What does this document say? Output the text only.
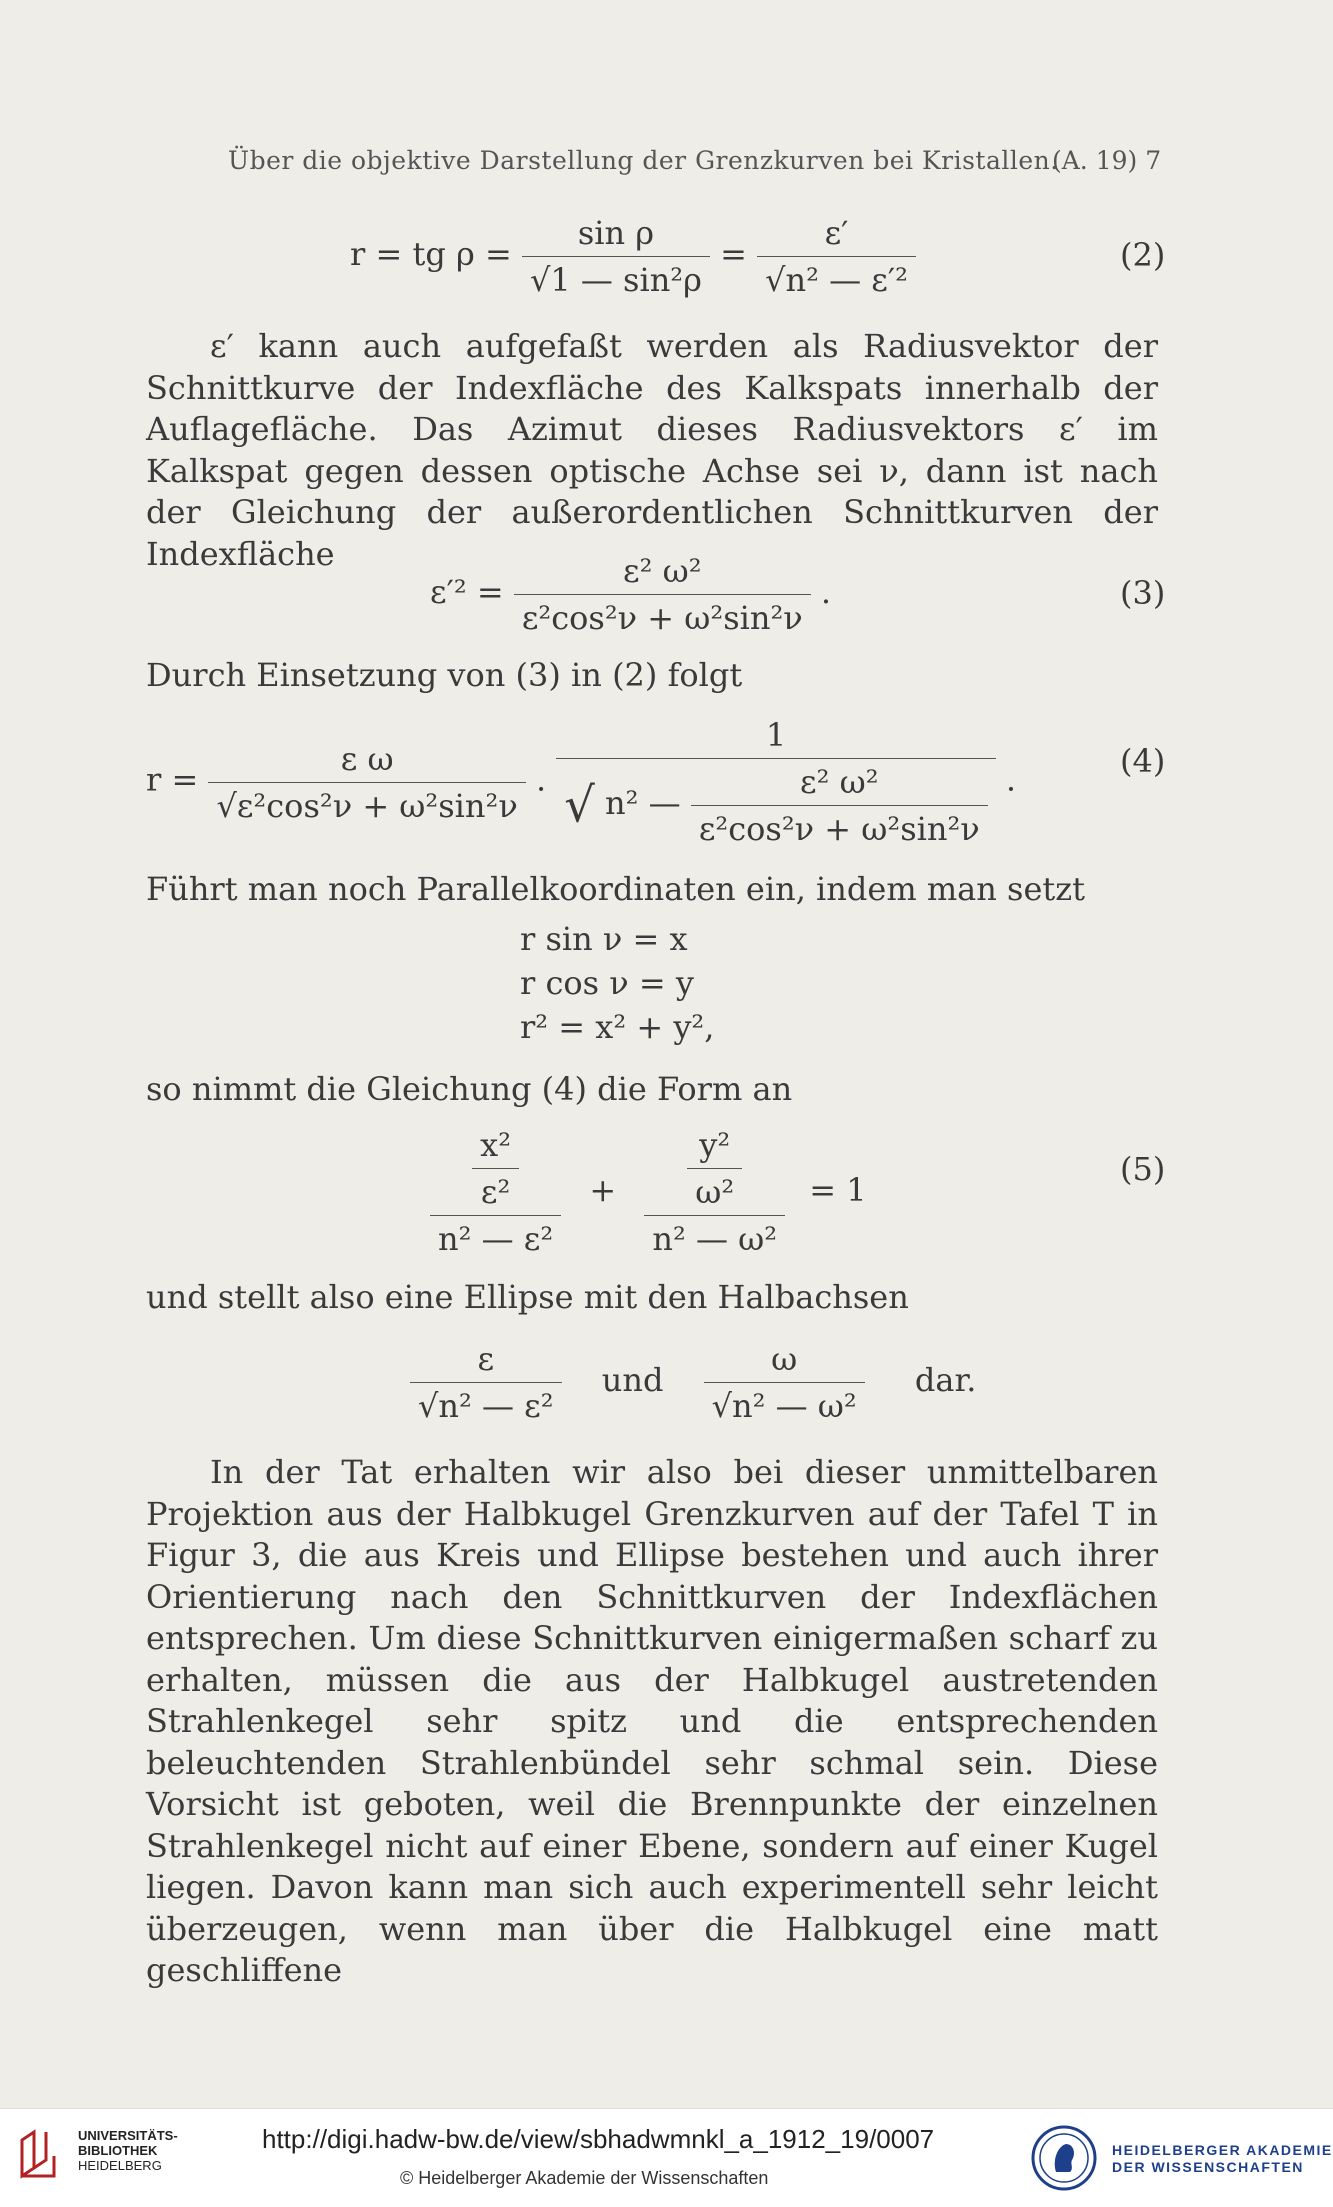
Über die objektive Darstellung der Grenzkurven bei Kristallen.
(A. 19) 7
r = tg $\rho = \frac{\text{sin ρ}}{\text{√1 — sin²ρ}} = \frac{\varepsilon'}{\text{√n² — ε′²}}$	(2)
ε′ kann auch aufgefaßt werden als Radiusvektor der Schnittkurve der Indexfläche des Kalkspats innerhalb der Auflagefläche. Das Azimut dieses Radiusvektors ε′ im Kalkspat gegen dessen optische Achse sei ν, dann ist nach der Gleichung der außerordentlichen Schnittkurven der Indexfläche
$\varepsilon'^2 = \frac{\text{ε² ω²}}{\text{ε²cos²ν + ω²sin²ν}}$ .	(3)
Durch Einsetzung von (3) in (2) folgt
$r = \frac{\text{ε ω}}{\text{√ε²cos²ν + ω²sin²ν}}$ .
1
√ n² — $\frac{\text{ε² ω²}}{\text{ε²cos²ν + ω²sin²ν}}$ .	(4)
Führt man noch Parallelkoordinaten ein, indem man setzt
r sin ν = x
r cos ν = y
r² = x² + y²,
so nimmt die Gleichung (4) die Form an
$\frac{\frac{\text{x²}}{\text{ε²}}}{\text{n² — ε²}} + \frac{\frac{\text{y²}}{\text{ω²}}}{\text{n² — ω²}} = 1$
(5)
und stellt also eine Ellipse mit den Halbachsen
$\frac{\varepsilon}{\text{√n² — ε²}}$ und $\frac{\omega}{\text{√n² — ω²}}$ dar.
In der Tat erhalten wir also bei dieser unmittelbaren Projektion aus der Halbkugel Grenzkurven auf der Tafel T in Figur 3, die aus Kreis und Ellipse bestehen und auch ihrer Orientierung nach den Schnittkurven der Indexflächen entsprechen. Um diese Schnittkurven einigermaßen scharf zu erhalten, müssen die aus der Halbkugel austretenden Strahlenkegel sehr spitz und die entsprechenden beleuchtenden Strahlenbündel sehr schmal sein. Diese Vorsicht ist geboten, weil die Brennpunkte der einzelnen Strahlenkegel nicht auf einer Ebene, sondern auf einer Kugel liegen. Davon kann man sich auch experimentell sehr leicht überzeugen, wenn man über die Halbkugel eine matt geschliffene
UNIVERSITÄTS-
BIBLIOTHEK
HEIDELBERG
http://digi.hadw-bw.de/view/sbhadwmnkl_a_1912_19/0007
© Heidelberger Akademie der Wissenschaften
HEIDELBERGER AKADEMIE
DER WISSENSCHAFTEN
